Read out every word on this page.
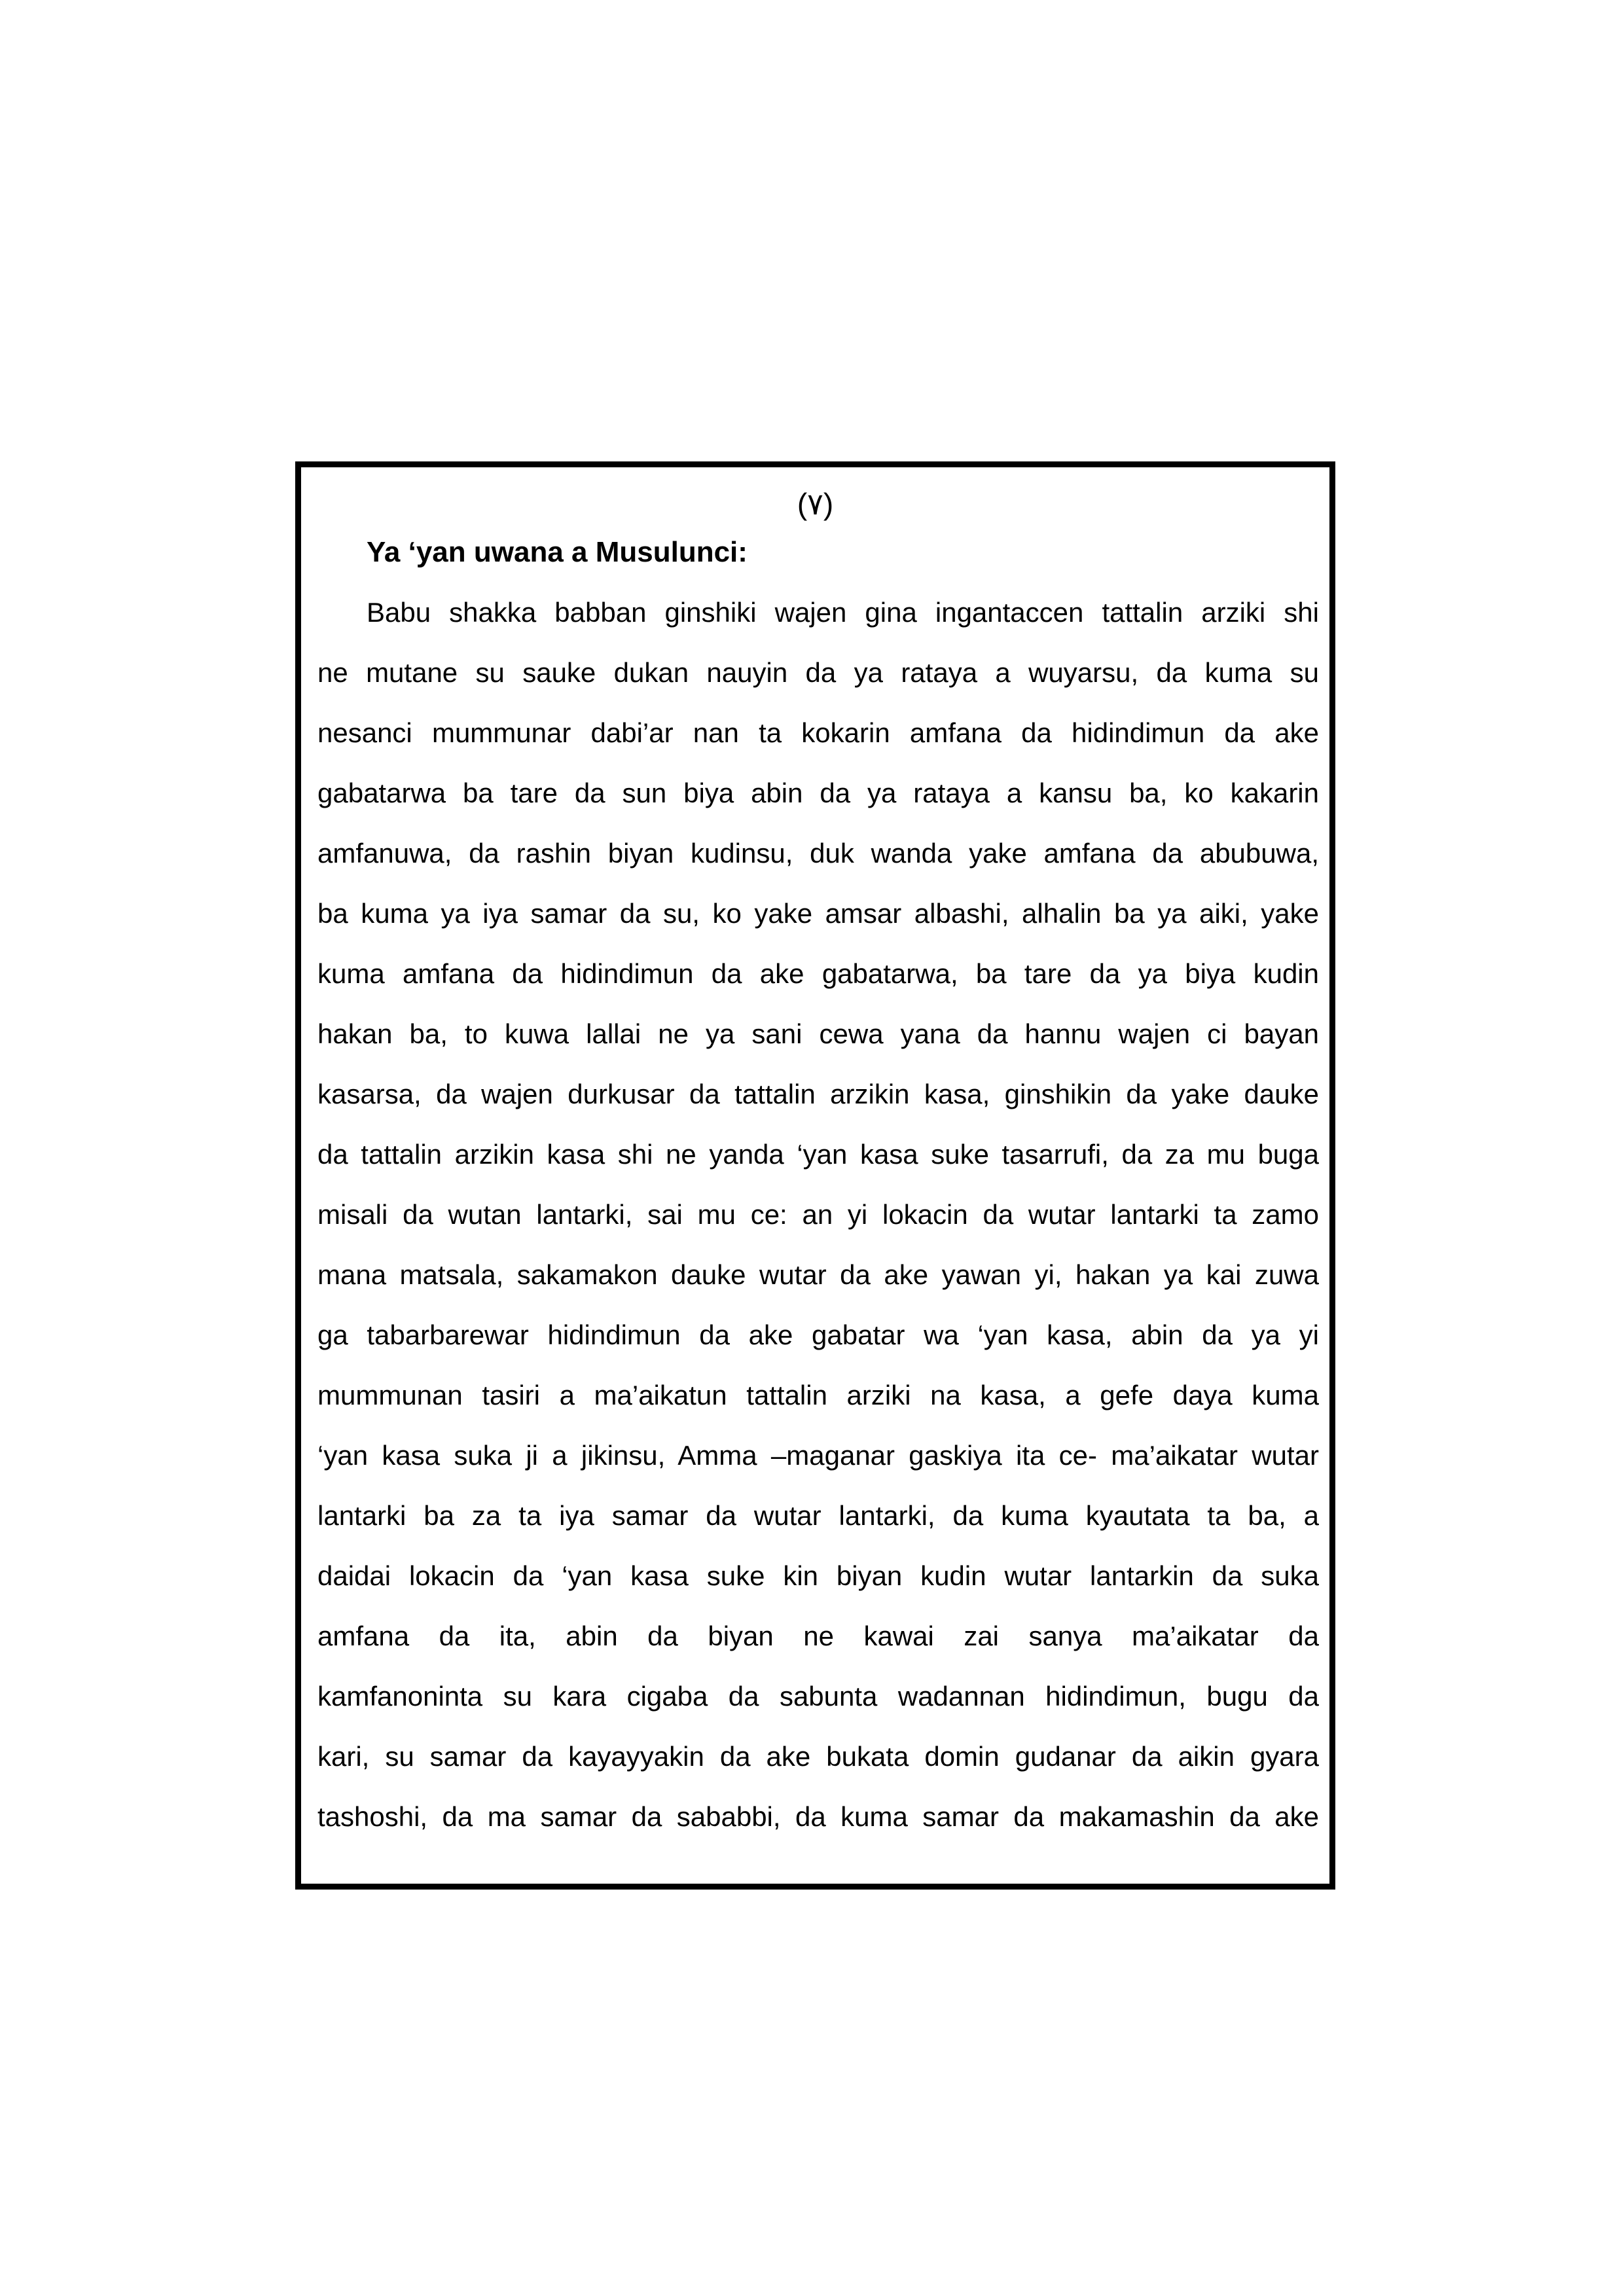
(٧)
Ya ‘yan uwana a Musulunci:
Babu shakka babban ginshiki wajen gina ingantaccen tattalin arziki shi
ne mutane su sauke dukan nauyin da ya rataya a wuyarsu, da kuma su
nesanci mummunar dabi’ar nan ta kokarin amfana da hidindimun da ake
gabatarwa ba tare da sun biya abin da ya rataya a kansu ba, ko kakarin
amfanuwa, da rashin biyan kudinsu, duk wanda yake amfana da abubuwa,
ba kuma ya iya samar da su, ko yake amsar albashi, alhalin ba ya aiki, yake
kuma amfana da hidindimun da ake gabatarwa, ba tare da ya biya kudin
hakan ba, to kuwa lallai ne ya sani cewa yana da hannu wajen ci bayan
kasarsa, da wajen durkusar da tattalin arzikin kasa, ginshikin da yake dauke
da tattalin arzikin kasa shi ne yanda ‘yan kasa suke tasarrufi, da za mu buga
misali da wutan lantarki, sai mu ce: an yi lokacin da wutar lantarki ta zamo
mana matsala, sakamakon dauke wutar da ake yawan yi, hakan ya kai zuwa
ga tabarbarewar hidindimun da ake gabatar wa ‘yan kasa, abin da ya yi
mummunan tasiri a ma’aikatun tattalin arziki na kasa, a gefe daya kuma
‘yan kasa suka ji a jikinsu, Amma –maganar gaskiya ita ce- ma’aikatar wutar
lantarki ba za ta iya samar da wutar lantarki, da kuma kyautata ta ba, a
daidai lokacin da ‘yan kasa suke kin biyan kudin wutar lantarkin da suka
amfana da ita, abin da biyan ne kawai zai sanya ma’aikatar da
kamfanoninta su kara cigaba da sabunta wadannan hidindimun, bugu da
kari, su samar da kayayyakin da ake bukata domin gudanar da aikin gyara
tashoshi, da ma samar da sababbi, da kuma samar da makamashin da ake
